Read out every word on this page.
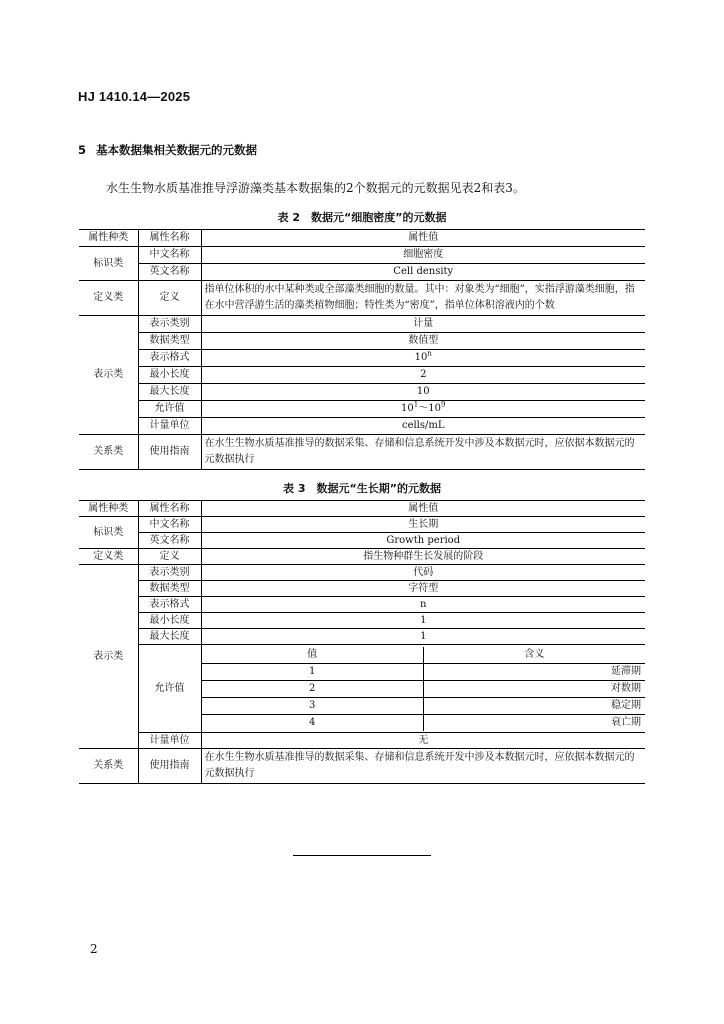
HJ 1410.14—2025
5 基本数据集相关数据元的元数据
水生生物水质基准推导浮游藻类基本数据集的2个数据元的元数据见表2和表3。
表 2　数据元“细胞密度”的元数据
属性种类	属性名称	属性值
标识类	中文名称	细胞密度
	英文名称	Cell density
定义类	定义	指单位体积的水中某种类或全部藻类细胞的数量。其中：对象类为“细胞”，实指浮游藻类细胞，指在水中营浮游生活的藻类植物细胞；特性类为“密度”，指单位体积溶液内的个数
表示类	表示类别	计量
	数据类型	数值型
	表示格式	10$^n$
	最小长度	2
	最大长度	10
	允许值	$10^1\sim 10^9$
	计量单位	cells/mL
关系类	使用指南	在水生生物水质基准推导的数据采集、存储和信息系统开发中涉及本数据元时，应依据本数据元的元数据执行
表 3　数据元“生长期”的元数据
属性种类	属性名称	属性值
标识类	中文名称	生长期
英文名称	Growth period
定义类	定义	指生物种群生长发展的阶段
表示类	表示类别	代码
数据类型	字符型
表示格式	n
最小长度	1
最大长度	1
允许值	
值	含义
1	延滞期
2	对数期
3	稳定期
4	衰亡期

计量单位	无
关系类	使用指南	在水生生物水质基准推导的数据采集、存储和信息系统开发中涉及本数据元时，应依据本数据元的元数据执行
2
